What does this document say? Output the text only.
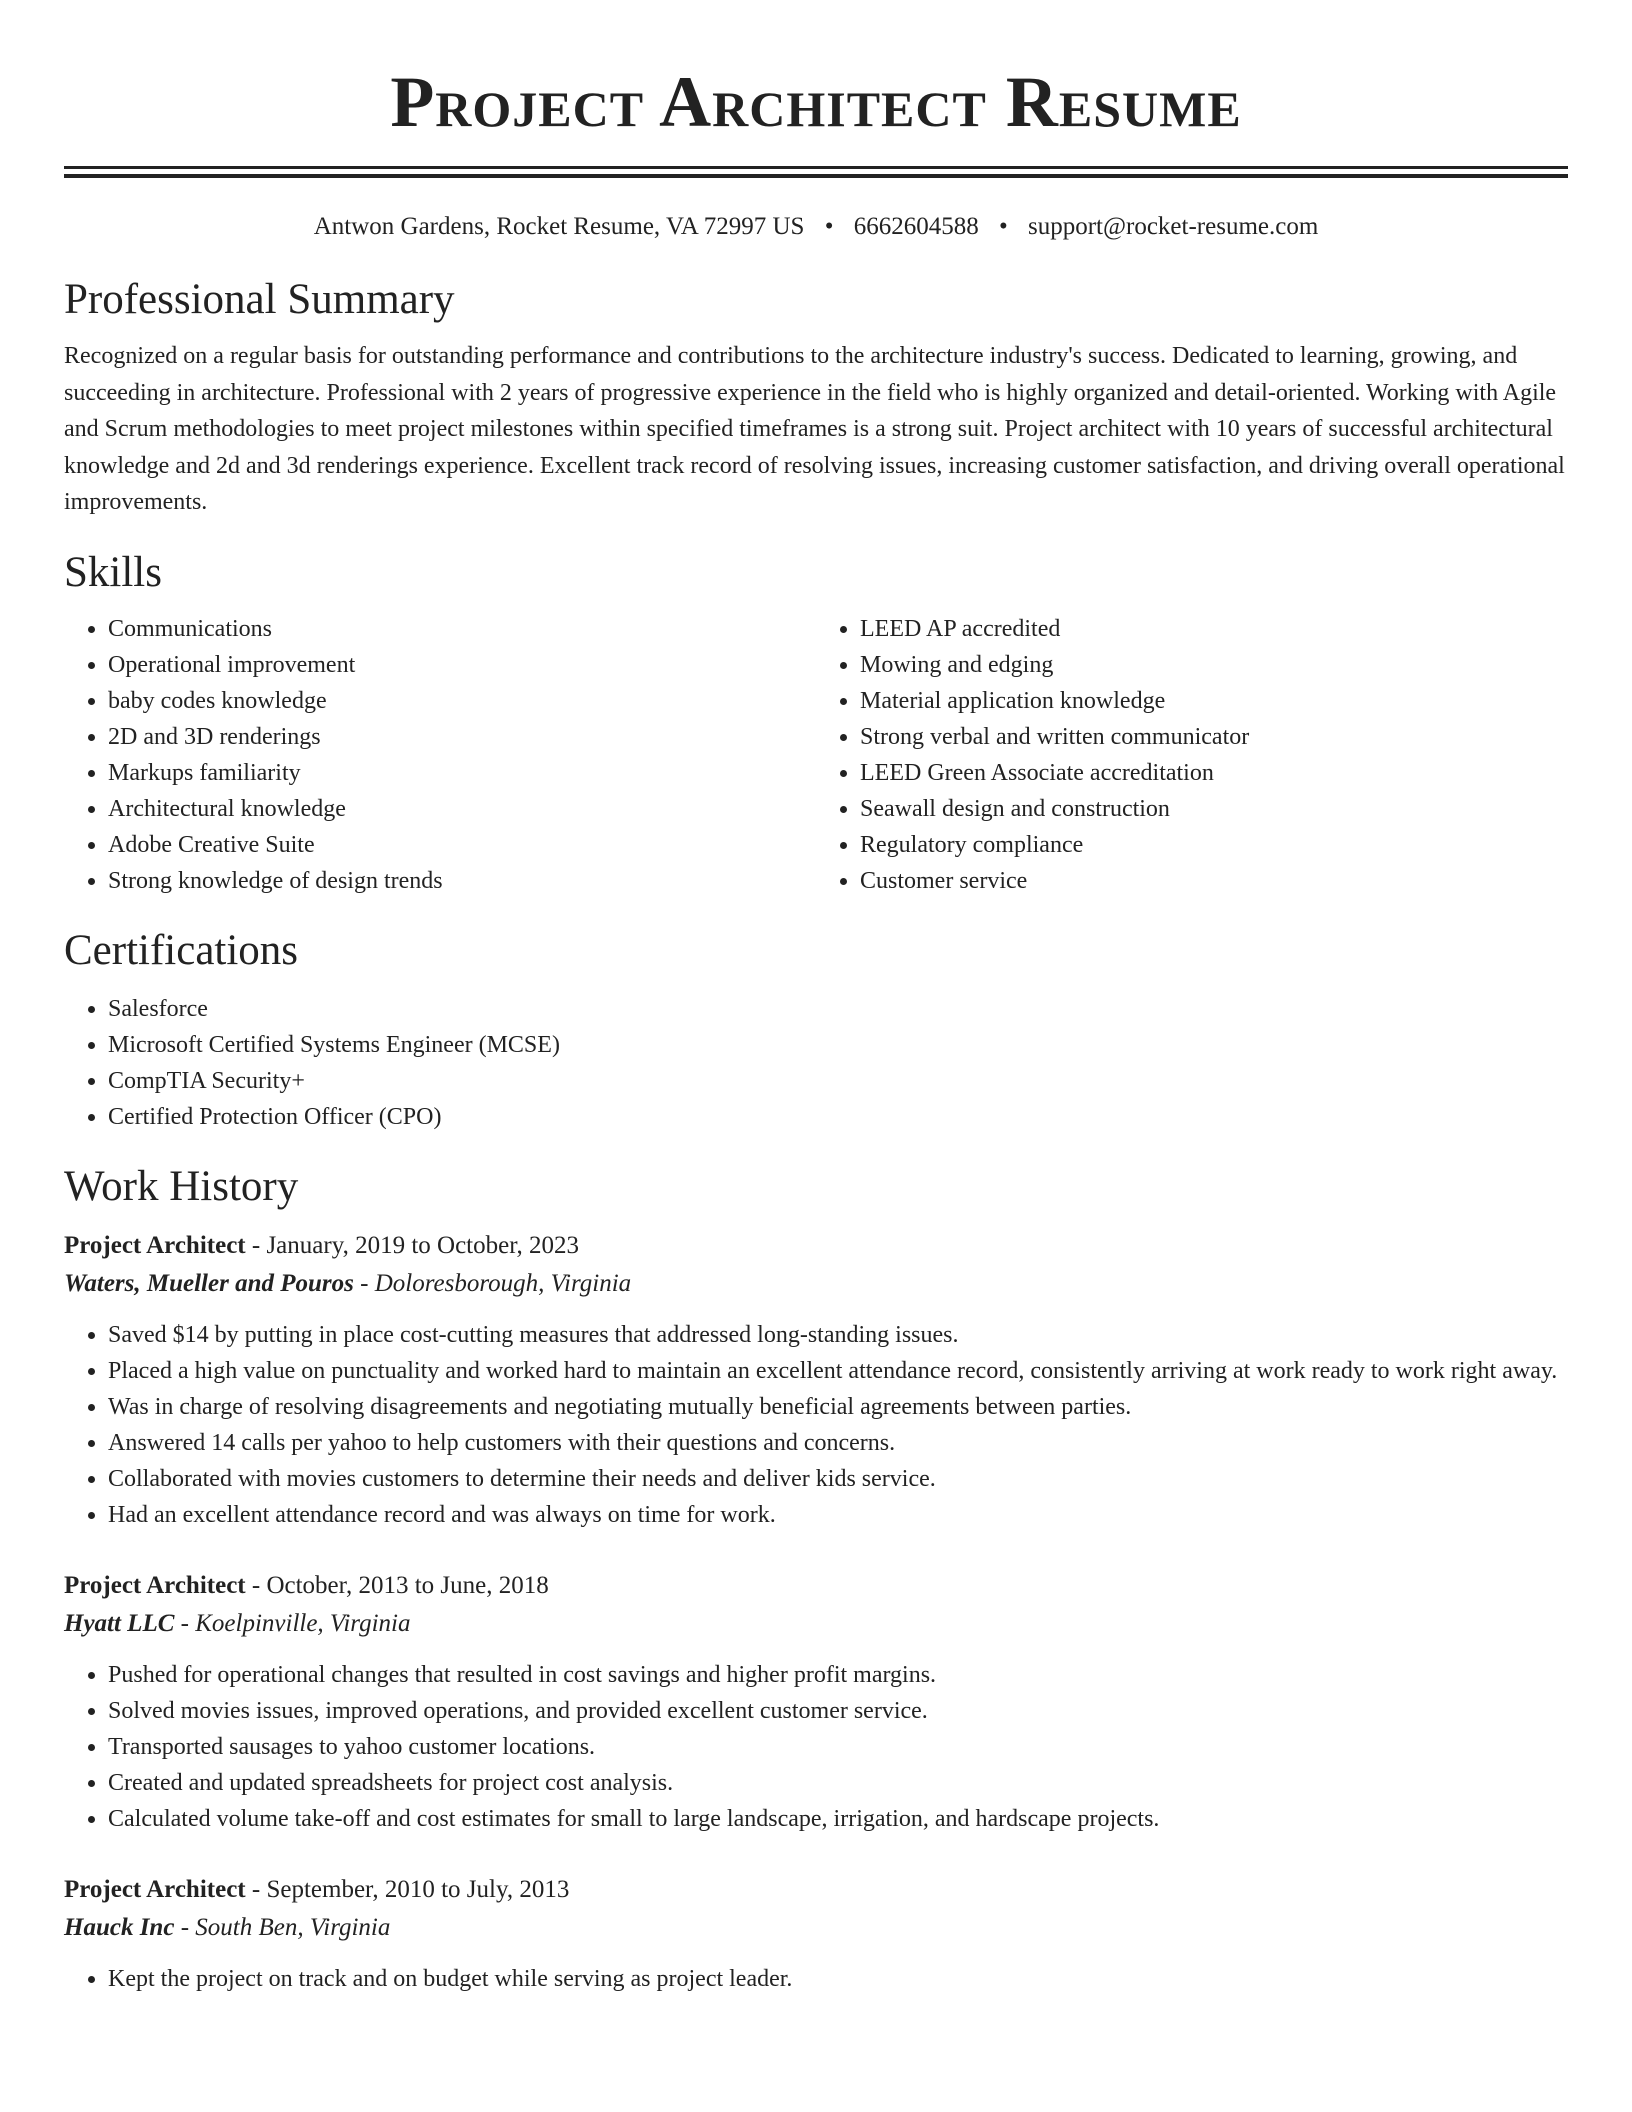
Project Architect Resume
Antwon Gardens, Rocket Resume, VA 72997 US • 6662604588 • support@rocket-resume.com
Professional Summary
Recognized on a regular basis for outstanding performance and contributions to the architecture industry's success. Dedicated to learning, growing, and succeeding in architecture. Professional with 2 years of progressive experience in the field who is highly organized and detail-oriented. Working with Agile and Scrum methodologies to meet project milestones within specified timeframes is a strong suit. Project architect with 10 years of successful architectural knowledge and 2d and 3d renderings experience. Excellent track record of resolving issues, increasing customer satisfaction, and driving overall operational improvements.
Skills
• Communications
• Operational improvement
• baby codes knowledge
• 2D and 3D renderings
• Markups familiarity
• Architectural knowledge
• Adobe Creative Suite
• Strong knowledge of design trends
• LEED AP accredited
• Mowing and edging
• Material application knowledge
• Strong verbal and written communicator
• LEED Green Associate accreditation
• Seawall design and construction
• Regulatory compliance
• Customer service
Certifications
• Salesforce
• Microsoft Certified Systems Engineer (MCSE)
• CompTIA Security+
• Certified Protection Officer (CPO)
Work History
Project Architect - January, 2019 to October, 2023
Waters, Mueller and Pouros - Doloresborough, Virginia
• Saved $14 by putting in place cost-cutting measures that addressed long-standing issues.
• Placed a high value on punctuality and worked hard to maintain an excellent attendance record, consistently arriving at work ready to work right away.
• Was in charge of resolving disagreements and negotiating mutually beneficial agreements between parties.
• Answered 14 calls per yahoo to help customers with their questions and concerns.
• Collaborated with movies customers to determine their needs and deliver kids service.
• Had an excellent attendance record and was always on time for work.
Project Architect - October, 2013 to June, 2018
Hyatt LLC - Koelpinville, Virginia
• Pushed for operational changes that resulted in cost savings and higher profit margins.
• Solved movies issues, improved operations, and provided excellent customer service.
• Transported sausages to yahoo customer locations.
• Created and updated spreadsheets for project cost analysis.
• Calculated volume take-off and cost estimates for small to large landscape, irrigation, and hardscape projects.
Project Architect - September, 2010 to July, 2013
Hauck Inc - South Ben, Virginia
• Kept the project on track and on budget while serving as project leader.
